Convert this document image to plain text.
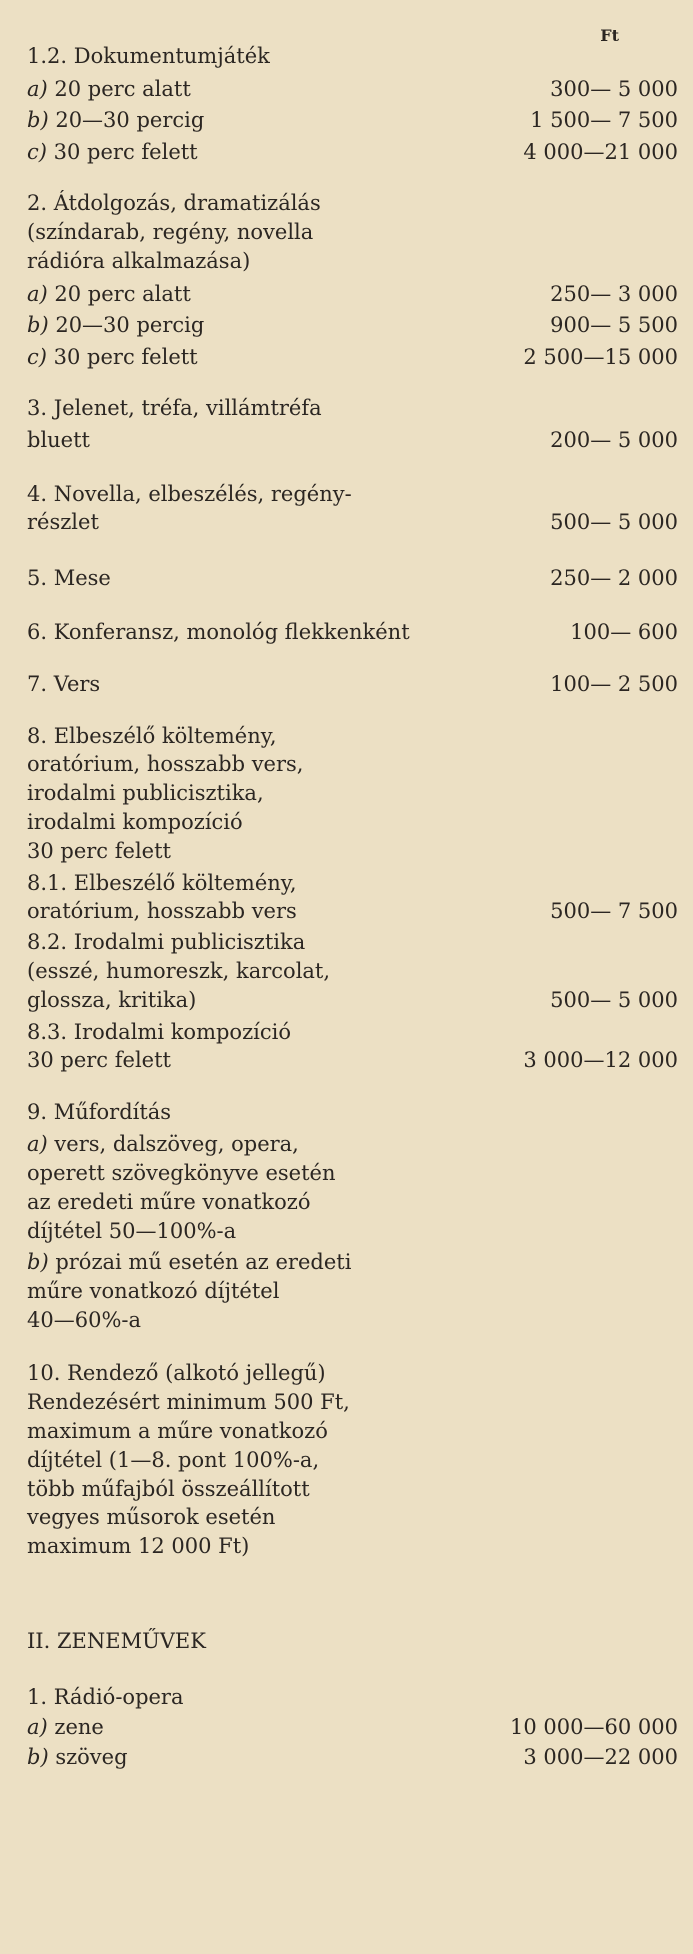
Ft
1.2. Dokumentumjáték
a) 20 perc alatt	300— 5 000
b) 20—30 percig	1 500— 7 500
c) 30 perc felett	4 000—21 000
2. Átdolgozás, dramatizálás
(színdarab, regény, novella
rádióra alkalmazása)
a) 20 perc alatt	250— 3 000
b) 20—30 percig	900— 5 500
c) 30 perc felett	2 500—15 000
3. Jelenet, tréfa, villámtréfa
bluett	200— 5 000
4. Novella, elbeszélés, regény-
részlet	500— 5 000
5. Mese	250— 2 000
6. Konferansz, monológ flekkenként	100— 600
7. Vers	100— 2 500
8. Elbeszélő költemény,
oratórium, hosszabb vers,
irodalmi publicisztika,
irodalmi kompozíció
30 perc felett
8.1. Elbeszélő költemény,
oratórium, hosszabb vers	500— 7 500
8.2. Irodalmi publicisztika
(esszé, humoreszk, karcolat,
glossza, kritika)	500— 5 000
8.3. Irodalmi kompozíció
30 perc felett	3 000—12 000
9. Műfordítás
a) vers, dalszöveg, opera,
operett szövegkönyve esetén
az eredeti műre vonatkozó
díjtétel 50—100%-a
b) prózai mű esetén az eredeti
műre vonatkozó díjtétel
40—60%-a
10. Rendező (alkotó jellegű)
Rendezésért minimum 500 Ft,
maximum a műre vonatkozó
díjtétel (1—8. pont 100%-a,
több műfajból összeállított
vegyes műsorok esetén
maximum 12 000 Ft)
II. ZENEMŰVEK
1. Rádió-opera
a) zene	10 000—60 000
b) szöveg	3 000—22 000
